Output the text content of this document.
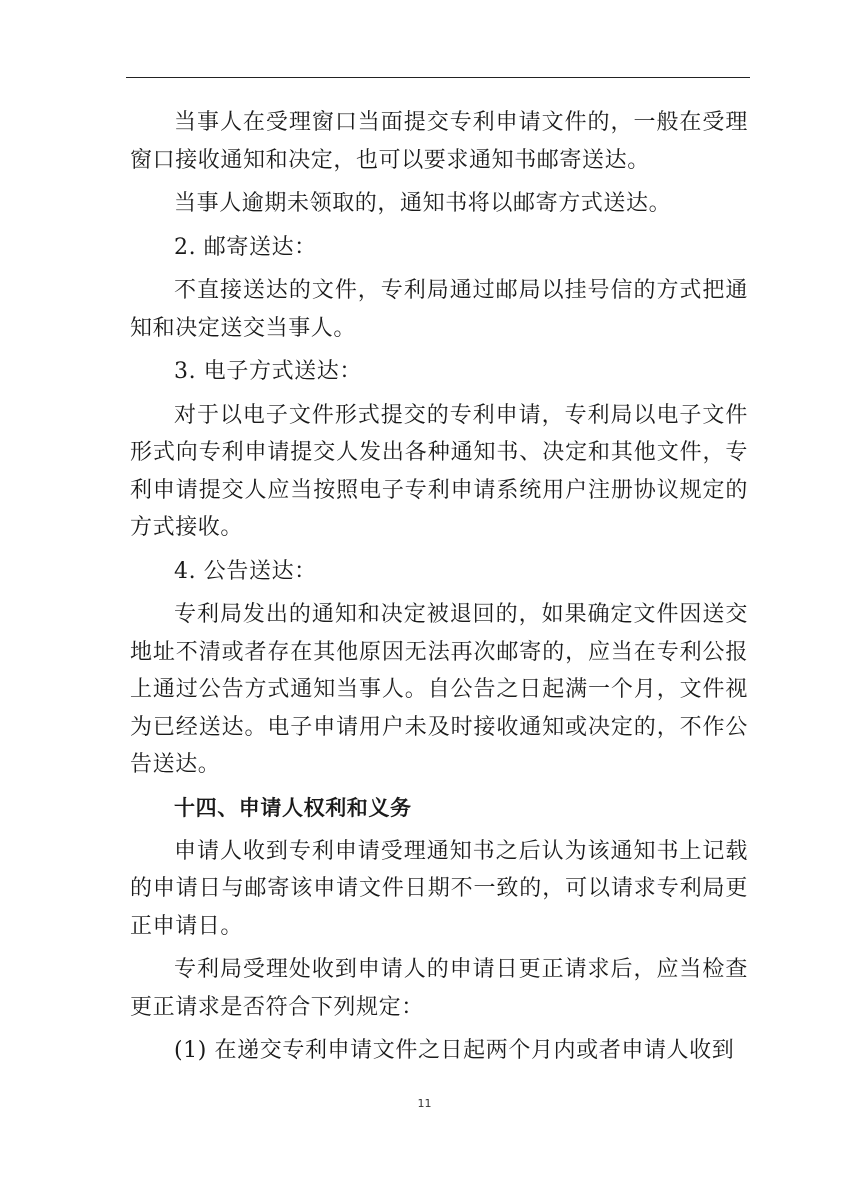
当事人在受理窗口当面提交专利申请文件的，一般在受理窗口接收通知和决定，也可以要求通知书邮寄送达。

当事人逾期未领取的，通知书将以邮寄方式送达。

2. 邮寄送达：

不直接送达的文件，专利局通过邮局以挂号信的方式把通知和决定送交当事人。

3. 电子方式送达：

对于以电子文件形式提交的专利申请，专利局以电子文件形式向专利申请提交人发出各种通知书、决定和其他文件，专利申请提交人应当按照电子专利申请系统用户注册协议规定的方式接收。

4. 公告送达：

专利局发出的通知和决定被退回的，如果确定文件因送交地址不清或者存在其他原因无法再次邮寄的，应当在专利公报上通过公告方式通知当事人。自公告之日起满一个月，文件视为已经送达。电子申请用户未及时接收通知或决定的，不作公告送达。

十四、申请人权利和义务

申请人收到专利申请受理通知书之后认为该通知书上记载的申请日与邮寄该申请文件日期不一致的，可以请求专利局更正申请日。

专利局受理处收到申请人的申请日更正请求后，应当检查更正请求是否符合下列规定：

(1) 在递交专利申请文件之日起两个月内或者申请人收到

11
